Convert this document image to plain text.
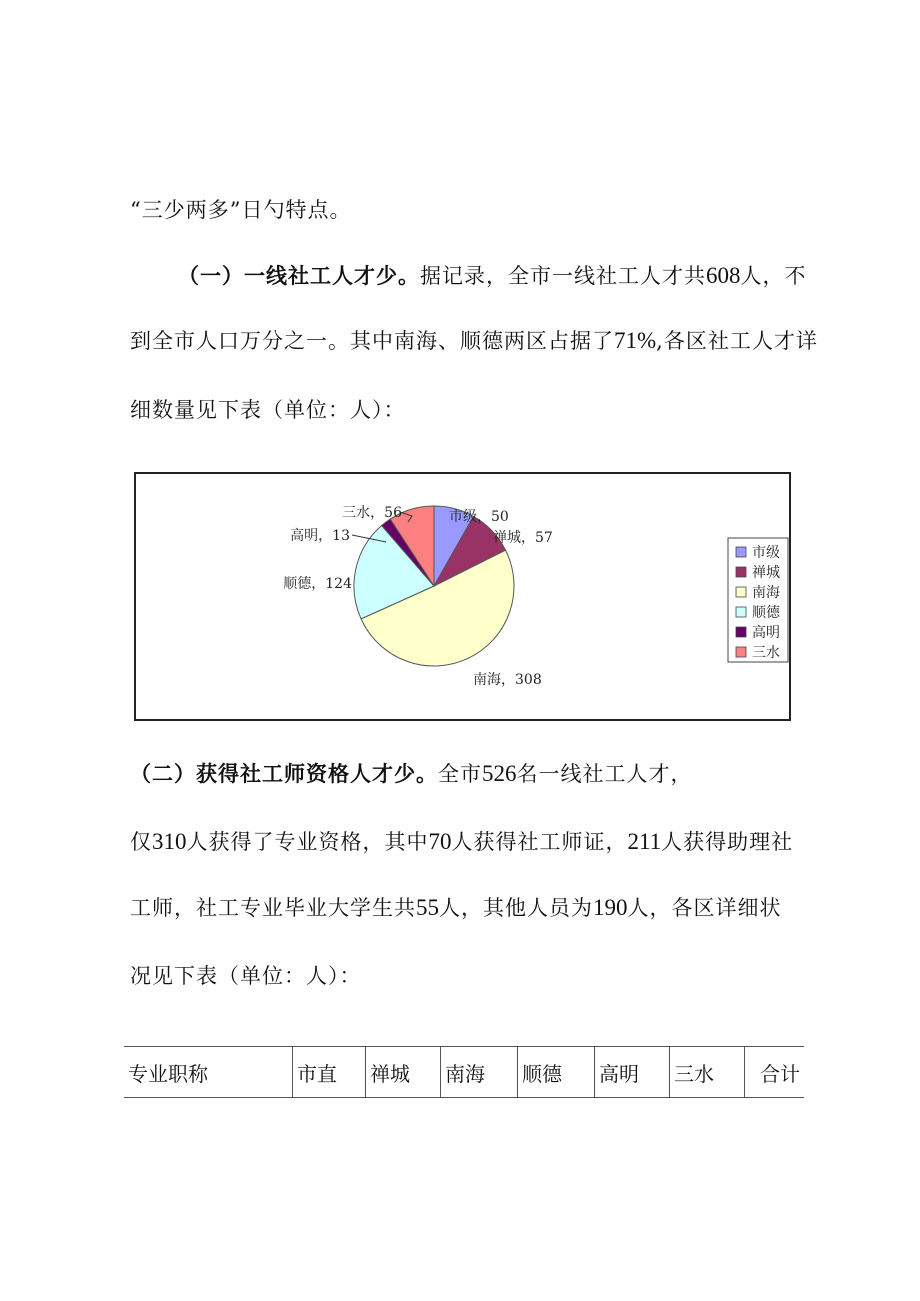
“三少两多”日勺特点。
（一）一线社工人才少。据记录，全市一线社工人才共608人，不
到全市人口万分之一。其中南海、顺德两区占据了71%,各区社工人才详
细数量见下表（单位：人）：
市级，50
禅城，57
南海，308
顺德，124
高明，13
三水，56
市级
禅城
南海
顺德
高明
三水
（二）获得社工师资格人才少。全市526名一线社工人才，
仅310人获得了专业资格，其中70人获得社工师证，211人获得助理社
工师，社工专业毕业大学生共55人，其他人员为190人，各区详细状
况见下表（单位：人）：
专业职称	市直	禅城	南海	顺德	高明	三水	合计
